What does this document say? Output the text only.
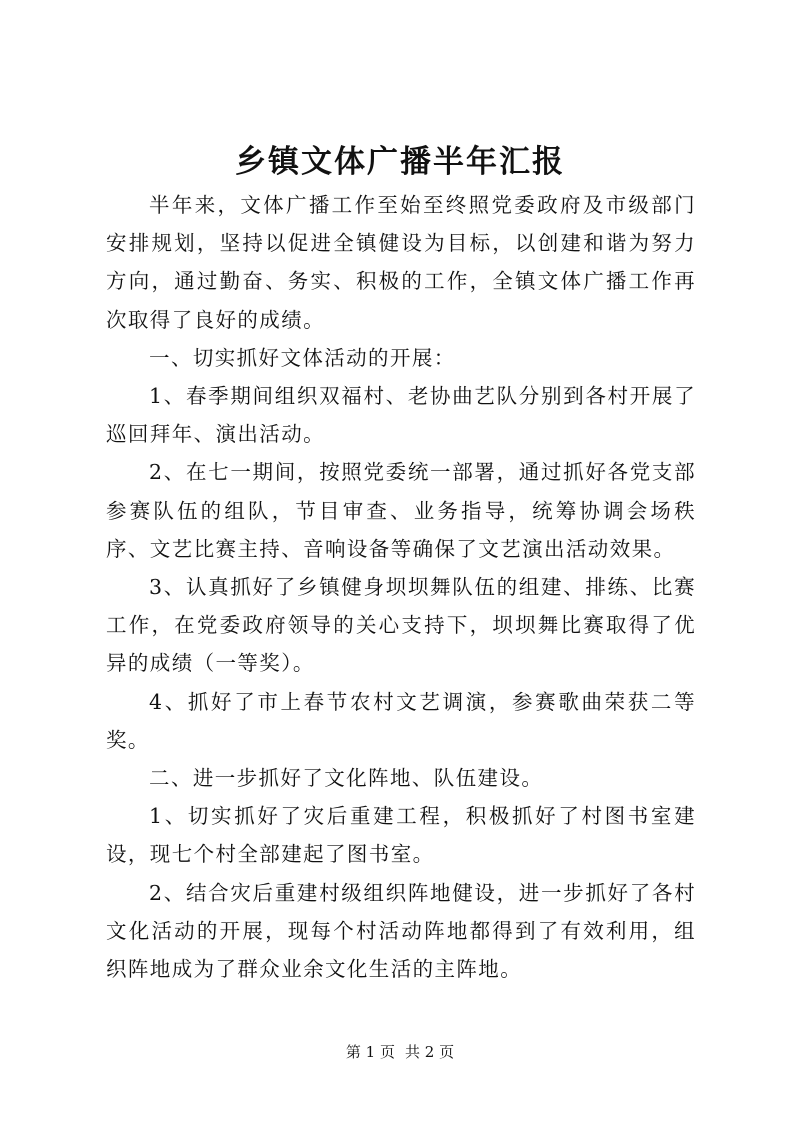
乡镇文体广播半年汇报

半年来，文体广播工作至始至终照党委政府及市级部门安排规划，坚持以促进全镇健设为目标，以创建和谐为努力方向，通过勤奋、务实、积极的工作，全镇文体广播工作再次取得了良好的成绩。

一、切实抓好文体活动的开展：

1、春季期间组织双福村、老协曲艺队分别到各村开展了巡回拜年、演出活动。

2、在七一期间，按照党委统一部署，通过抓好各党支部参赛队伍的组队，节目审查、业务指导，统筹协调会场秩序、文艺比赛主持、音响设备等确保了文艺演出活动效果。

3、认真抓好了乡镇健身坝坝舞队伍的组建、排练、比赛工作，在党委政府领导的关心支持下，坝坝舞比赛取得了优异的成绩（一等奖）。

4、抓好了市上春节农村文艺调演，参赛歌曲荣获二等奖。

二、进一步抓好了文化阵地、队伍建设。

1、切实抓好了灾后重建工程，积极抓好了村图书室建设，现七个村全部建起了图书室。

2、结合灾后重建村级组织阵地健设，进一步抓好了各村文化活动的开展，现每个村活动阵地都得到了有效利用，组织阵地成为了群众业余文化生活的主阵地。

第 1 页 共 2 页
